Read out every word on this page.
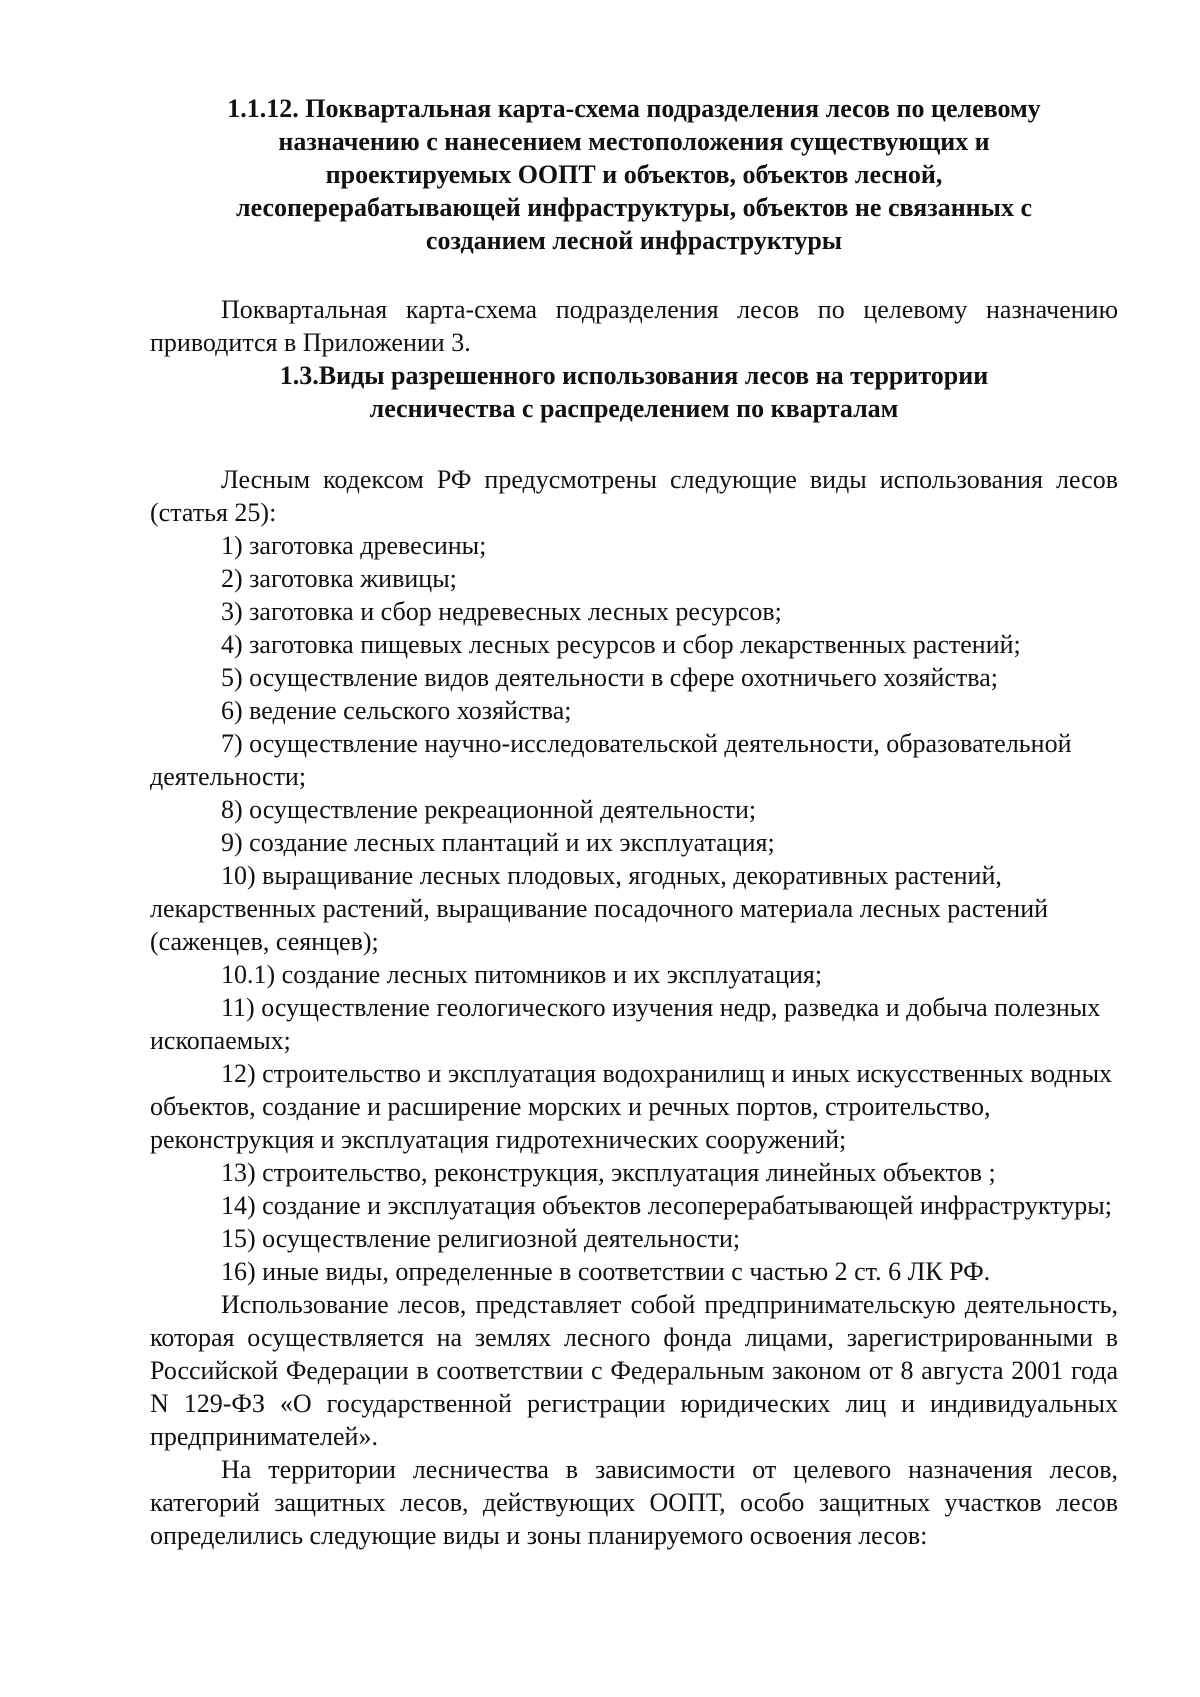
1.1.12. Поквартальная карта-схема подразделения лесов по целевому
назначению с нанесением местоположения существующих и
проектируемых ООПТ и объектов, объектов лесной,
лесоперерабатывающей инфраструктуры, объектов не связанных с
созданием лесной инфраструктуры

Поквартальная карта-схема подразделения лесов по целевому назначению приводится в Приложении 3.

1.3.Виды разрешенного использования лесов на территории
лесничества с распределением по кварталам

Лесным кодексом РФ предусмотрены следующие виды использования лесов (статья 25):

1) заготовка древесины;

2) заготовка живицы;

3) заготовка и сбор недревесных лесных ресурсов;

4) заготовка пищевых лесных ресурсов и сбор лекарственных растений;

5) осуществление видов деятельности в сфере охотничьего хозяйства;

6) ведение сельского хозяйства;

7) осуществление научно-исследовательской деятельности, образовательной деятельности;

8) осуществление рекреационной деятельности;

9) создание лесных плантаций и их эксплуатация;

10) выращивание лесных плодовых, ягодных, декоративных растений, лекарственных растений, выращивание посадочного материала лесных растений (саженцев, сеянцев);

10.1) создание лесных питомников и их эксплуатация;

11) осуществление геологического изучения недр, разведка и добыча полезных ископаемых;

12) строительство и эксплуатация водохранилищ и иных искусственных водных объектов, создание и расширение морских и речных портов, строительство, реконструкция и эксплуатация гидротехнических сооружений;

13) строительство, реконструкция, эксплуатация линейных объектов ;

14) создание и эксплуатация объектов лесоперерабатывающей инфраструктуры;

15) осуществление религиозной деятельности;

16) иные виды, определенные в соответствии с частью 2 ст. 6 ЛК РФ.

Использование лесов, представляет собой предпринимательскую деятельность, которая осуществляется на землях лесного фонда лицами, зарегистрированными в Российской Федерации в соответствии с Федеральным законом от 8 августа 2001 года N 129-ФЗ «О государственной регистрации юридических лиц и индивидуальных предпринимателей».

На территории лесничества в зависимости от целевого назначения лесов, категорий защитных лесов, действующих ООПТ, особо защитных участков лесов определились следующие виды и зоны планируемого освоения лесов:
